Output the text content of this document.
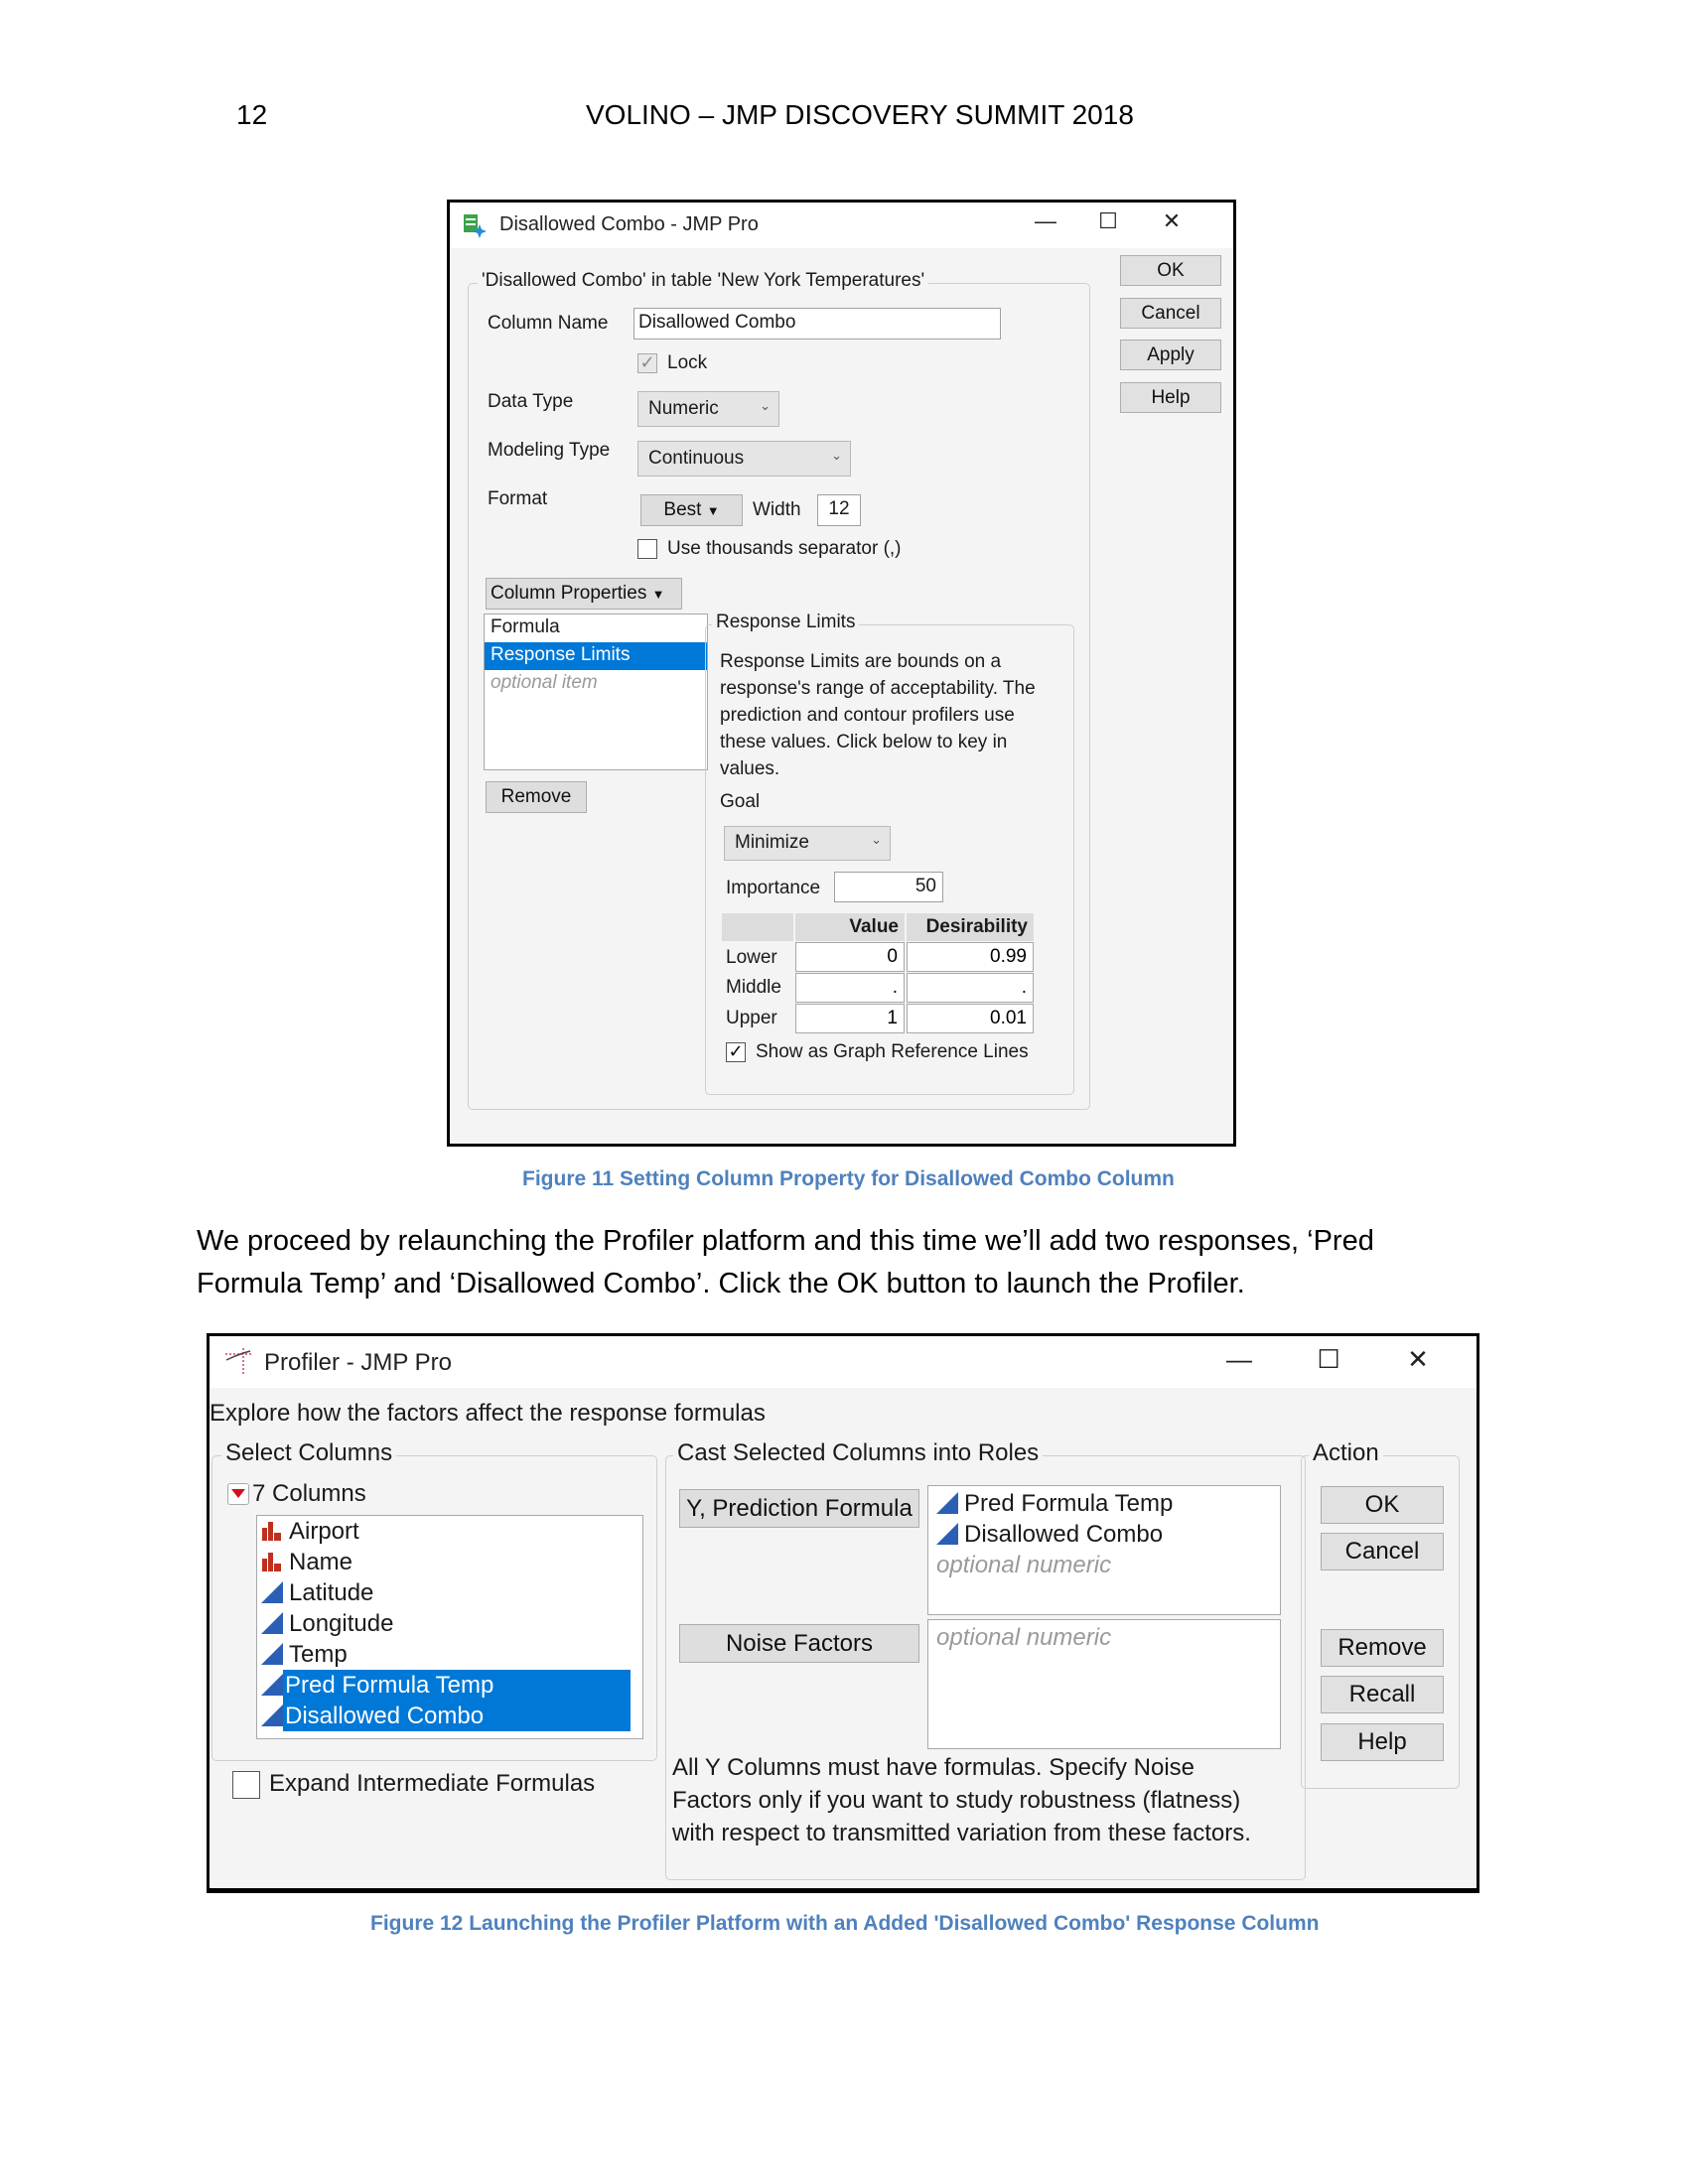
12	VOLINO – JMP DISCOVERY SUMMIT 2018
Disallowed Combo - JMP Pro	—	☐	✕
'Disallowed Combo' in table 'New York Temperatures'
Column Name Disallowed Combo
✓ Lock
Data Type	Numeric	⌄
Modeling Type	Continuous	⌄
Format
Best ▼	Width	12
Use thousands separator (,)
Column Properties ▼
Formula
Response Limits
optional item
Remove
Response Limits
Response Limits are bounds on a
response's range of acceptability. The
prediction and contour profilers use
these values. Click below to key in
values.
Goal
Minimize	⌄
Importance	50
Value	Desirability
Lower	0	0.99
Middle	.	.
Upper	1	0.01
✓ Show as Graph Reference Lines
OK
Cancel
Apply
Help
Figure 11 Setting Column Property for Disallowed Combo Column
We proceed by relaunching the Profiler platform and this time we’ll add two responses, ‘Pred
Formula Temp’ and ‘Disallowed Combo’. Click the OK button to launch the Profiler.
Profiler - JMP Pro	—	☐	✕
Explore how the factors affect the response formulas
Select Columns
7 Columns
Airport
Name
Latitude
Longitude
Temp
Pred Formula Temp
Disallowed Combo
Expand Intermediate Formulas
Cast Selected Columns into Roles
Y, Prediction Formula	Pred Formula Temp
Disallowed Combo
optional numeric
Noise Factors	optional numeric
All Y Columns must have formulas. Specify Noise
Factors only if you want to study robustness (flatness)
with respect to transmitted variation from these factors.
Action
OK
Cancel
Remove
Recall
Help
Figure 12 Launching the Profiler Platform with an Added 'Disallowed Combo' Response Column
